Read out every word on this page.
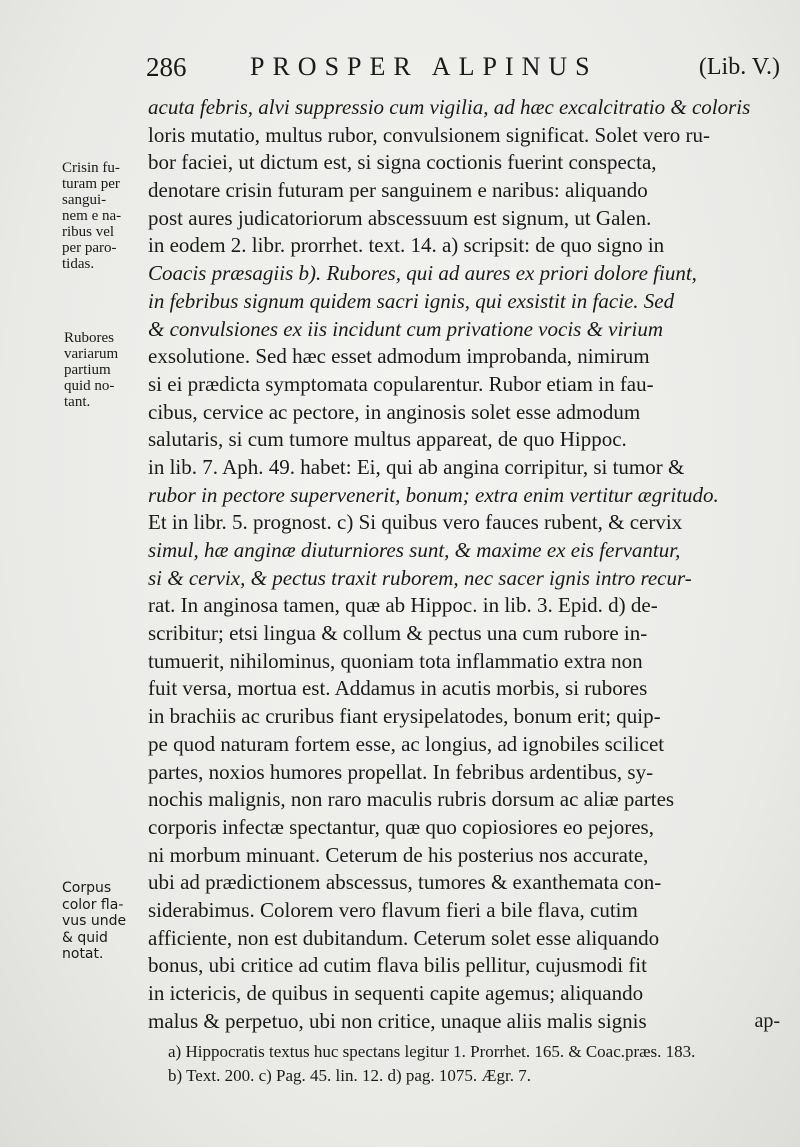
286 PROSPER ALPINUS	(Lib. V.)
acuta febris, alvi suppressio cum vigilia, ad hæc excalcitratio & coloris
loris mutatio, multus rubor, convulsionem significat. Solet vero ru-
bor faciei, ut dictum est, si signa coctionis fuerint conspecta,
denotare crisin futuram per sanguinem e naribus: aliquando
post aures judicatoriorum abscessuum est signum, ut Galen.
in eodem 2. libr. prorrhet. text. 14. a) scripsit: de quo signo in
Coacis præsagiis b). Rubores, qui ad aures ex priori dolore fiunt,
in febribus signum quidem sacri ignis, qui exsistit in facie. Sed
& convulsiones ex iis incidunt cum privatione vocis & virium
exsolutione. Sed hæc esset admodum improbanda, nimirum
si ei prædicta symptomata copularentur. Rubor etiam in fau-
cibus, cervice ac pectore, in anginosis solet esse admodum
salutaris, si cum tumore multus appareat, de quo Hippoc.
in lib. 7. Aph. 49. habet: Ei, qui ab angina corripitur, si tumor &
rubor in pectore supervenerit, bonum; extra enim vertitur ægritudo.
Et in libr. 5. prognost. c) Si quibus vero fauces rubent, & cervix
simul, hæ anginæ diuturniores sunt, & maxime ex eis fervantur,
si & cervix, & pectus traxit ruborem, nec sacer ignis intro recur-
rat. In anginosa tamen, quæ ab Hippoc. in lib. 3. Epid. d) de-
scribitur; etsi lingua & collum & pectus una cum rubore in-
tumuerit, nihilominus, quoniam tota inflammatio extra non
fuit versa, mortua est. Addamus in acutis morbis, si rubores
in brachiis ac cruribus fiant erysipelatodes, bonum erit; quip-
pe quod naturam fortem esse, ac longius, ad ignobiles scilicet
partes, noxios humores propellat. In febribus ardentibus, sy-
nochis malignis, non raro maculis rubris dorsum ac aliæ partes
corporis infectæ spectantur, quæ quo copiosiores eo pejores,
ni morbum minuant. Ceterum de his posterius nos accurate,
ubi ad prædictionem abscessus, tumores & exanthemata con-
siderabimus. Colorem vero flavum fieri a bile flava, cutim
afficiente, non est dubitandum. Ceterum solet esse aliquando
bonus, ubi critice ad cutim flava bilis pellitur, cujusmodi fit
in ictericis, de quibus in sequenti capite agemus; aliquando
malus & perpetuo, ubi non critice, unaque aliis malis signis
Crisin fu-
turam per
sangui-
nem e na-
ribus vel
per paro-
tidas.
Rubores
variarum
partium
quid no-
tant.
Corpus
color fla-
vus unde
& quid
notat.
ap-
a) Hippocratis textus huc spectans legitur 1. Prorrhet. 165. & Coac.præs. 183.
b) Text. 200. c) Pag. 45. lin. 12. d) pag. 1075. Ægr. 7.
